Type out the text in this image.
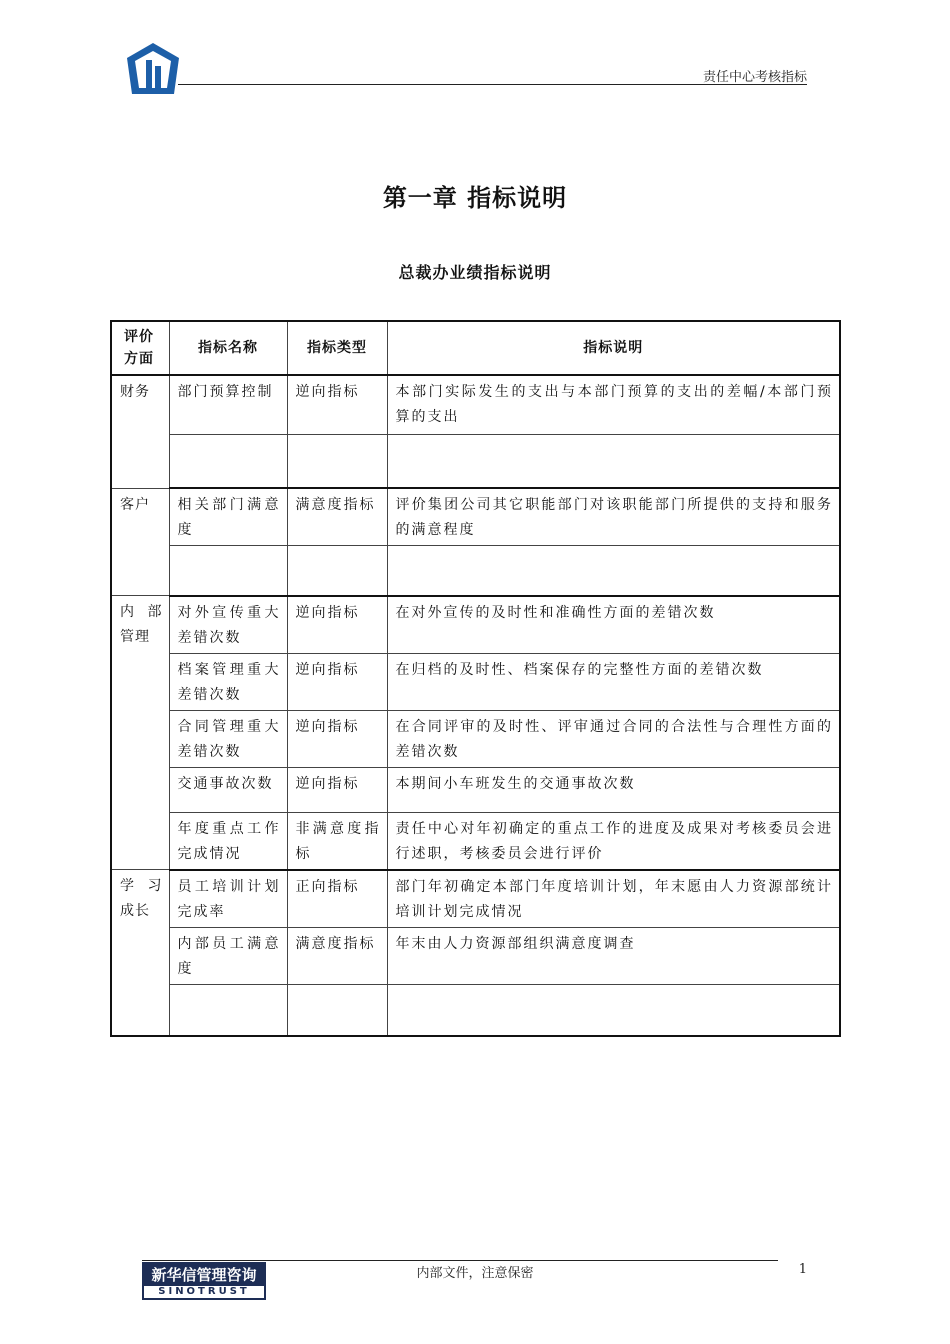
责任中心考核指标
第一章 指标说明
总裁办业绩指标说明
评价方面	指标名称	指标类型	指标说明
财务	部门预算控制	逆向指标	本部门实际发生的支出与本部门预算的支出的差幅/本部门预算的支出

客户	相关部门满意度	满意度指标	评价集团公司其它职能部门对该职能部门所提供的支持和服务的满意程度

内部管理	对外宣传重大差错次数	逆向指标	在对外宣传的及时性和准确性方面的差错次数
	档案管理重大差错次数	逆向指标	在归档的及时性、档案保存的完整性方面的差错次数
	合同管理重大差错次数	逆向指标	在合同评审的及时性、评审通过合同的合法性与合理性方面的差错次数
	交通事故次数	逆向指标	本期间小车班发生的交通事故次数
	年度重点工作完成情况	非满意度指标	责任中心对年初确定的重点工作的进度及成果对考核委员会进行述职，考核委员会进行评价
学习成长	员工培训计划完成率	正向指标	部门年初确定本部门年度培训计划，年末愿由人力资源部统计培训计划完成情况
	内部员工满意度	满意度指标	年末由人力资源部组织满意度调查

新华信管理咨询
SINOTRUST
内部文件，注意保密	1
